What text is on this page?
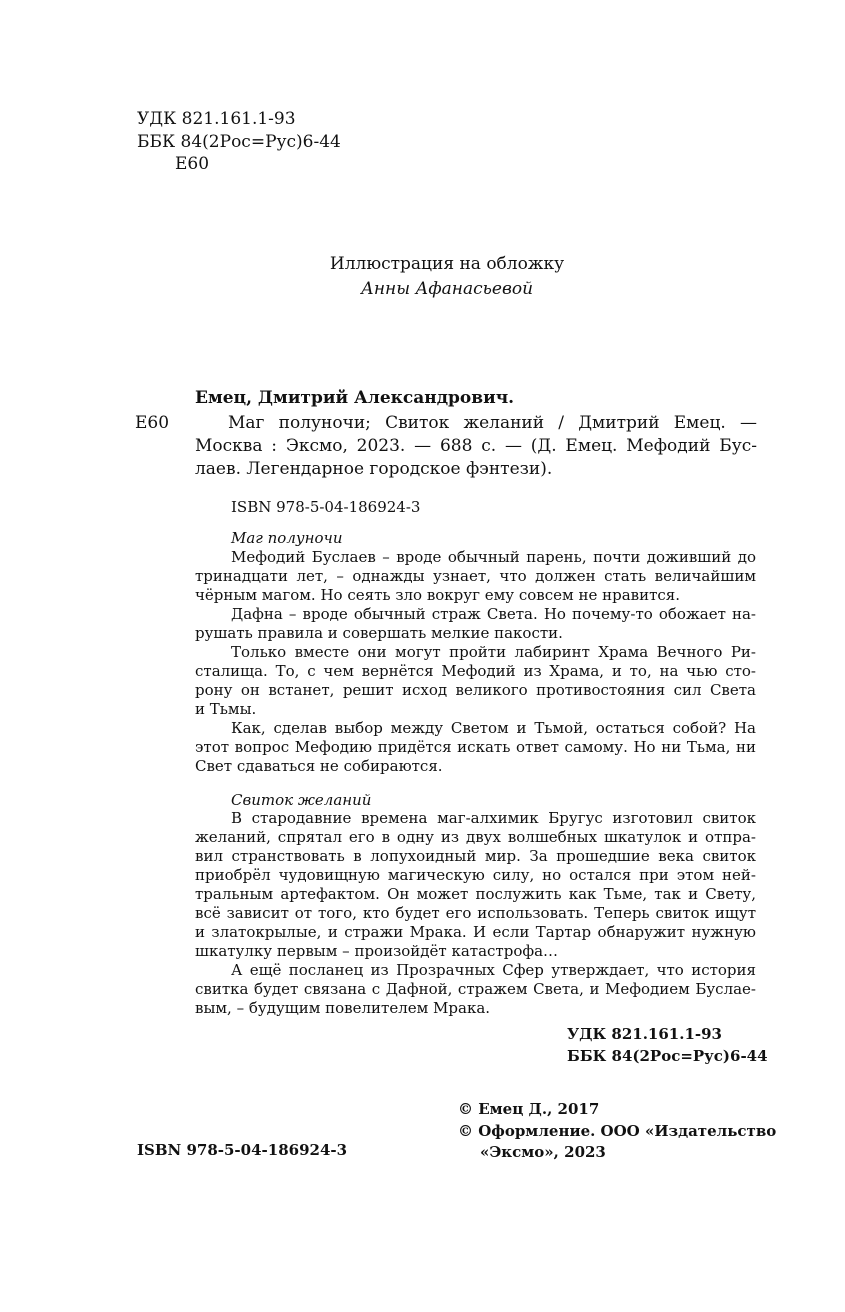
УДК 821.161.1-93
ББК 84(2Рос=Рус)6-44
Е60
Иллюстрация на обложку
Анны Афанасьевой
Емец, Дмитрий Александрович.
Е60	Маг полуночи; Свиток желаний / Дмитрий Емец. —
Москва : Эксмо, 2023. — 688 с. — (Д. Емец. Мефодий Бус-
лаев. Легендарное городское фэнтези).
ISBN 978-5-04-186924-3
Маг полуночи
Мефодий Буслаев – вроде обычный парень, почти доживший до
тринадцати лет, – однажды узнает, что должен стать величайшим
чёрным магом. Но сеять зло вокруг ему совсем не нравится.
Дафна – вроде обычный страж Света. Но почему-то обожает на-
рушать правила и совершать мелкие пакости.
Только вместе они могут пройти лабиринт Храма Вечного Ри-
сталища. То, с чем вернётся Мефодий из Храма, и то, на чью сто-
рону он встанет, решит исход великого противостояния сил Света
и Тьмы.
Как, сделав выбор между Светом и Тьмой, остаться собой? На
этот вопрос Мефодию придётся искать ответ самому. Но ни Тьма, ни
Свет сдаваться не собираются.
Свиток желаний
В стародавние времена маг-алхимик Бругус изготовил свиток
желаний, спрятал его в одну из двух волшебных шкатулок и отпра-
вил странствовать в лопухоидный мир. За прошедшие века свиток
приобрёл чудовищную магическую силу, но остался при этом ней-
тральным артефактом. Он может послужить как Тьме, так и Свету,
всё зависит от того, кто будет его использовать. Теперь свиток ищут
и златокрылые, и стражи Мрака. И если Тартар обнаружит нужную
шкатулку первым – произойдёт катастрофа…
А ещё посланец из Прозрачных Сфер утверждает, что история
свитка будет связана с Дафной, стражем Света, и Мефодием Буслае-
вым, – будущим повелителем Мрака.
УДК 821.161.1-93
ББК 84(2Рос=Рус)6-44
© Емец Д., 2017
© Оформление. ООО «Издательство
«Эксмо», 2023
ISBN 978-5-04-186924-3
